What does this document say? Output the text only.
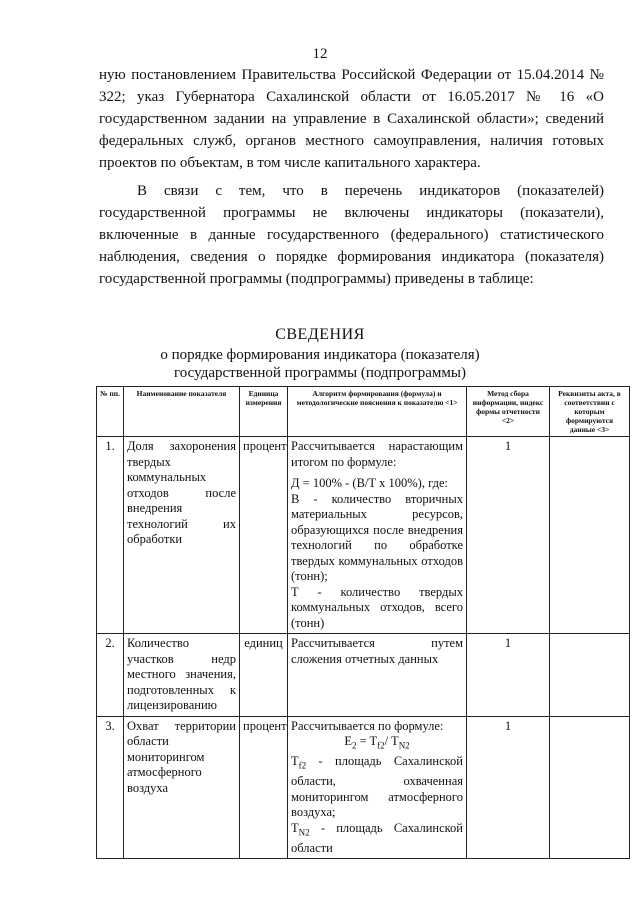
12

ную постановлением Правительства Российской Федерации от 15.04.2014 № 322; указ Губернатора Сахалинской области от 16.05.2017 № 16 «О государственном задании на управление в Сахалинской области»; сведений федеральных служб, органов местного самоуправления, наличия готовых проектов по объектам, в том числе капитального характера.

В связи с тем, что в перечень индикаторов (показателей) государственной программы не включены индикаторы (показатели), включенные в данные государственного (федерального) статистического наблюдения, сведения о порядке формирования индикатора (показателя) государственной программы (подпрограммы) приведены в таблице:

СВЕДЕНИЯ
о порядке формирования индикатора (показателя)
государственной программы (подпрограммы)
№ пп.	Наименование показателя	Единица измерения	Алгоритм формирования (формула) и методологические пояснения к показателю <1>	Метод сбора информации, индекс формы отчетности <2>	Реквизиты акта, в соответствии с которым формируются данные <3>
1.	Доля захоронения твердых коммунальных отходов после внедрения технологий их обработки	процент	Рассчитывается нарастающим итогом по формуле:
Д = 100% - (В/Т х 100%), где:
В - количество вторичных материальных ресурсов, образующихся после внедрения технологий по обработке твердых коммунальных отходов (тонн);
Т - количество твердых коммунальных отходов, всего (тонн)	1	
2.	Количество участков недр местного значения, подготовленных к лицензированию	единиц	Рассчитывается путем сложения отчетных данных	1	
3.	Охват территории области мониторингом атмосферного воздуха	процент	Рассчитывается по формуле:
$E_2 = T_{f2}/$ $T_{N2}$
$T_{f2}$ - площадь Сахалинской области, охваченная мониторингом атмосферного воздуха;
$T_{N2}$ - площадь Сахалинской области	1	
